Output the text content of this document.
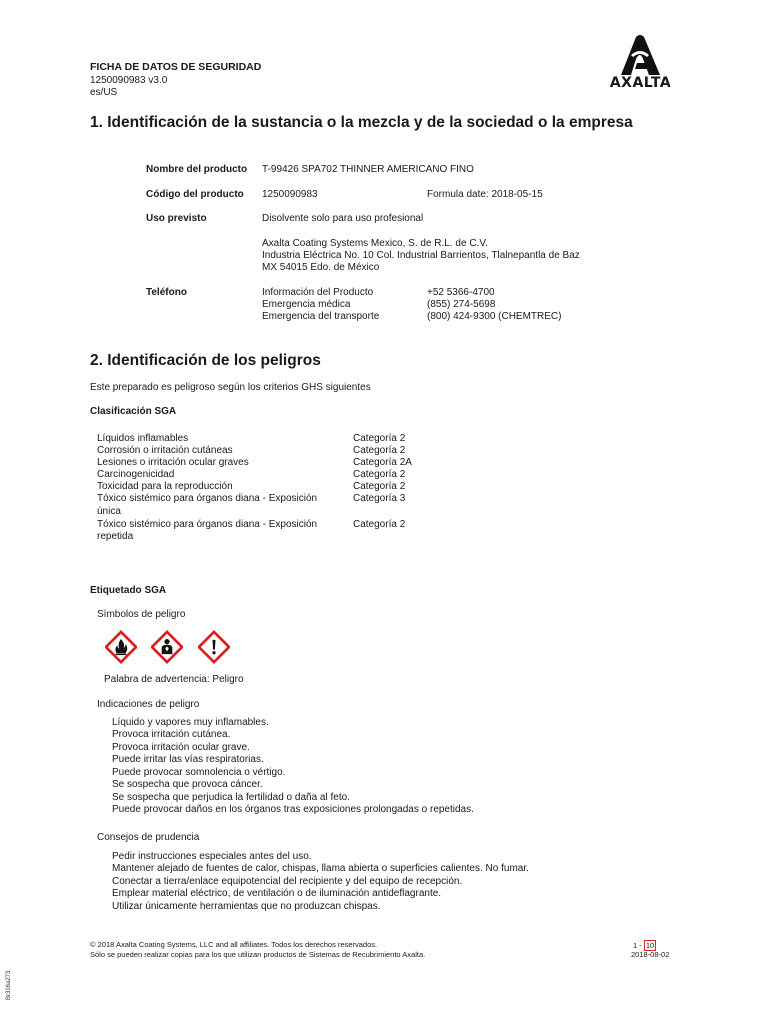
FICHA DE DATOS DE SEGURIDAD
1250090983 v3.0
es/US
AXALTA
1. Identificación de la sustancia o la mezcla y de la sociedad o la empresa
Nombre del producto T-99426 SPA702 THINNER AMERICANO FINO
Código del producto 1250090983	Formula date: 2018-05-15
Uso previsto	Disolvente solo para uso profesional
Axalta Coating Systems Mexico, S. de R.L. de C.V.
Industria Eléctrica No. 10 Col. Industrial Barrientos, Tlalnepantla de Baz
MX 54015 Edo. de México
Teléfono	Información del Producto	+52 5366-4700
Emergencia médica	(855) 274-5698
Emergencia del transporte	(800) 424-9300 (CHEMTREC)
2. Identificación de los peligros
Este preparado es peligroso según los criterios GHS siguientes
Clasificación SGA
Líquidos inflamables	Categoría 2
Corrosión o irritación cutáneas	Categoría 2
Lesiones o irritación ocular graves	Categoría 2A
Carcinogenicidad	Categoría 2
Toxicidad para la reproducción	Categoría 2
Tóxico sistémico para órganos diana - Exposición
única
Categoría 3
Tóxico sistémico para órganos diana - Exposición
repetida
Categoría 2
Etiquetado SGA
Símbolos de peligro
Palabra de advertencia: Peligro
Indicaciones de peligro
Líquido y vapores muy inflamables.
Provoca irritación cutánea.
Provoca irritación ocular grave.
Puede irritar las vías respiratorias.
Puede provocar somnolencia o vértigo.
Se sospecha que provoca cáncer.
Se sospecha que perjudica la fertilidad o daña al feto.
Puede provocar daños en los órganos tras exposiciones prolongadas o repetidas.
Consejos de prudencia
Pedir instrucciones especiales antes del uso.
Mantener alejado de fuentes de calor, chispas, llama abierta o superficies calientes. No fumar.
Conectar a tierra/enlace equipotencial del recipiente y del equipo de recepción.
Emplear material eléctrico, de ventilación o de iluminación antideflagrante.
Utilizar únicamente herramientas que no produzcan chispas.
© 2018 Axalta Coating Systems, LLC and all affiliates. Todos los derechos reservados.
Sólo se pueden realizar copias para los que utilizan productos de Sistemas de Recubrimiento Axalta.
1 - 10
2018-08-02
Br316a273
